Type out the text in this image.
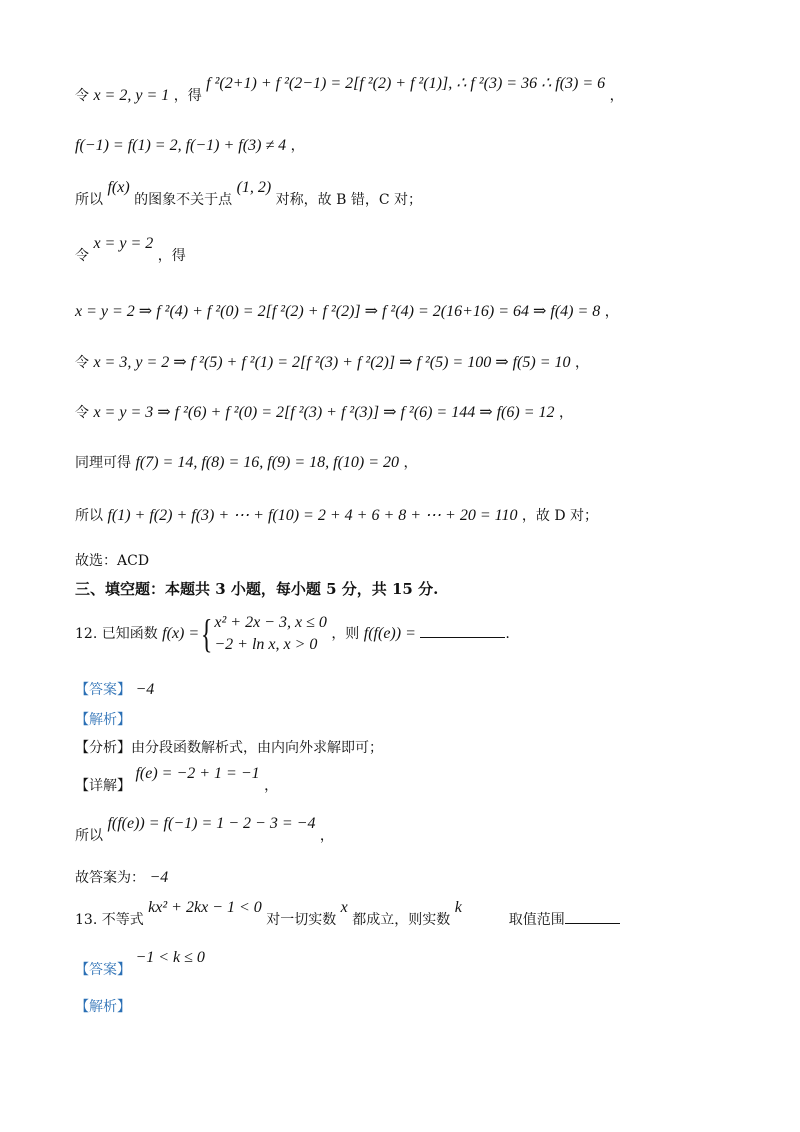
令 x = 2, y = 1 ，得 f ²(2+1) + f ²(2−1) = 2[f ²(2) + f ²(1)], ∴ f ²(3) = 36 ∴ f(3) = 6 ，
f(−1) = f(1) = 2, f(−1) + f(3) ≠ 4 ，
所以 f(x) 的图象不关于点 (1, 2) 对称，故 B 错，C 对；
令 x = y = 2 ，得
x = y = 2 ⇒ f ²(4) + f ²(0) = 2[f ²(2) + f ²(2)] ⇒ f ²(4) = 2(16+16) = 64 ⇒ f(4) = 8 ，
令 x = 3, y = 2 ⇒ f ²(5) + f ²(1) = 2[f ²(3) + f ²(2)] ⇒ f ²(5) = 100 ⇒ f(5) = 10 ，
令 x = y = 3 ⇒ f ²(6) + f ²(0) = 2[f ²(3) + f ²(3)] ⇒ f ²(6) = 144 ⇒ f(6) = 12 ，
同理可得 f(7) = 14, f(8) = 16, f(9) = 18, f(10) = 20 ，
所以 f(1) + f(2) + f(3) + ⋯ + f(10) = 2 + 4 + 6 + 8 + ⋯ + 20 = 110 ，故 D 对；
故选：ACD
三、填空题：本题共 3 小题，每小题 5 分，共 15 分.
12. 已知函数 f(x) ={ x² + 2x − 3, x ≤ 0
−2 + ln x, x > 0
，则 f(f(e)) =	.
【答案】 −4
【解析】
【分析】由分段函数解析式，由内向外求解即可；
【详解】 f(e) = −2 + 1 = −1 ，
所以 f(f(e)) = f(−1) = 1 − 2 − 3 = −4 ，
故答案为： −4
13. 不等式 kx² + 2kx − 1 < 0 对一切实数 x 都成立，则实数 k  取值范围
【答案】 −1 < k ≤ 0
【解析】
